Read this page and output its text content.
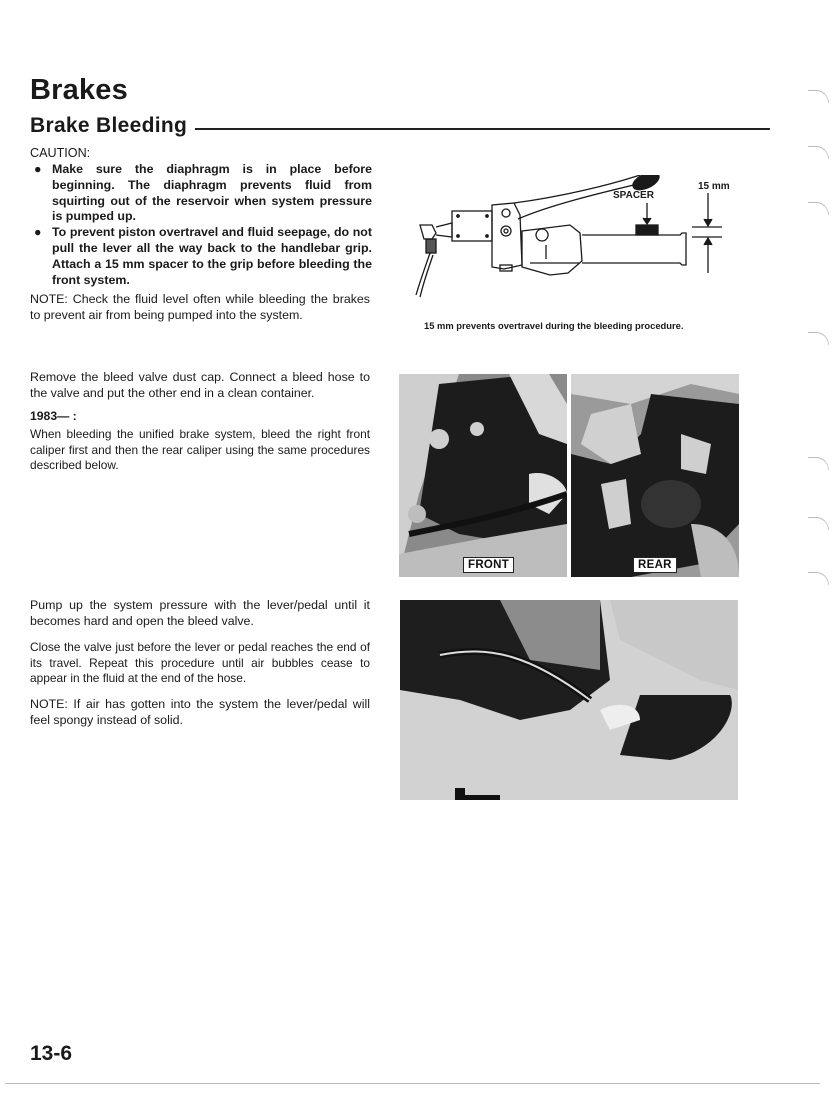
Brakes
Brake Bleeding
CAUTION:
● Make sure the diaphragm is in place before beginning. The diaphragm prevents fluid from squirting out of the reservoir when system pressure is pumped up.
● To prevent piston overtravel and fluid seepage, do not pull the lever all the way back to the handlebar grip. Attach a 15 mm spacer to the grip before bleeding the front system.

NOTE: Check the fluid level often while bleeding the brakes to prevent air from being pumped into the system.

15 mm
SPACER
15 mm prevents overtravel during the bleeding procedure.

Remove the bleed valve dust cap. Connect a bleed hose to the valve and put the other end in a clean container.

1983— :

When bleeding the unified brake system, bleed the right front caliper first and then the rear caliper using the same procedures described below.

FRONT	REAR

Pump up the system pressure with the lever/pedal until it becomes hard and open the bleed valve.

Close the valve just before the lever or pedal reaches the end of its travel. Repeat this procedure until air bubbles cease to appear in the fluid at the end of the hose.

NOTE: If air has gotten into the system the lever/pedal will feel spongy instead of solid.

13-6
